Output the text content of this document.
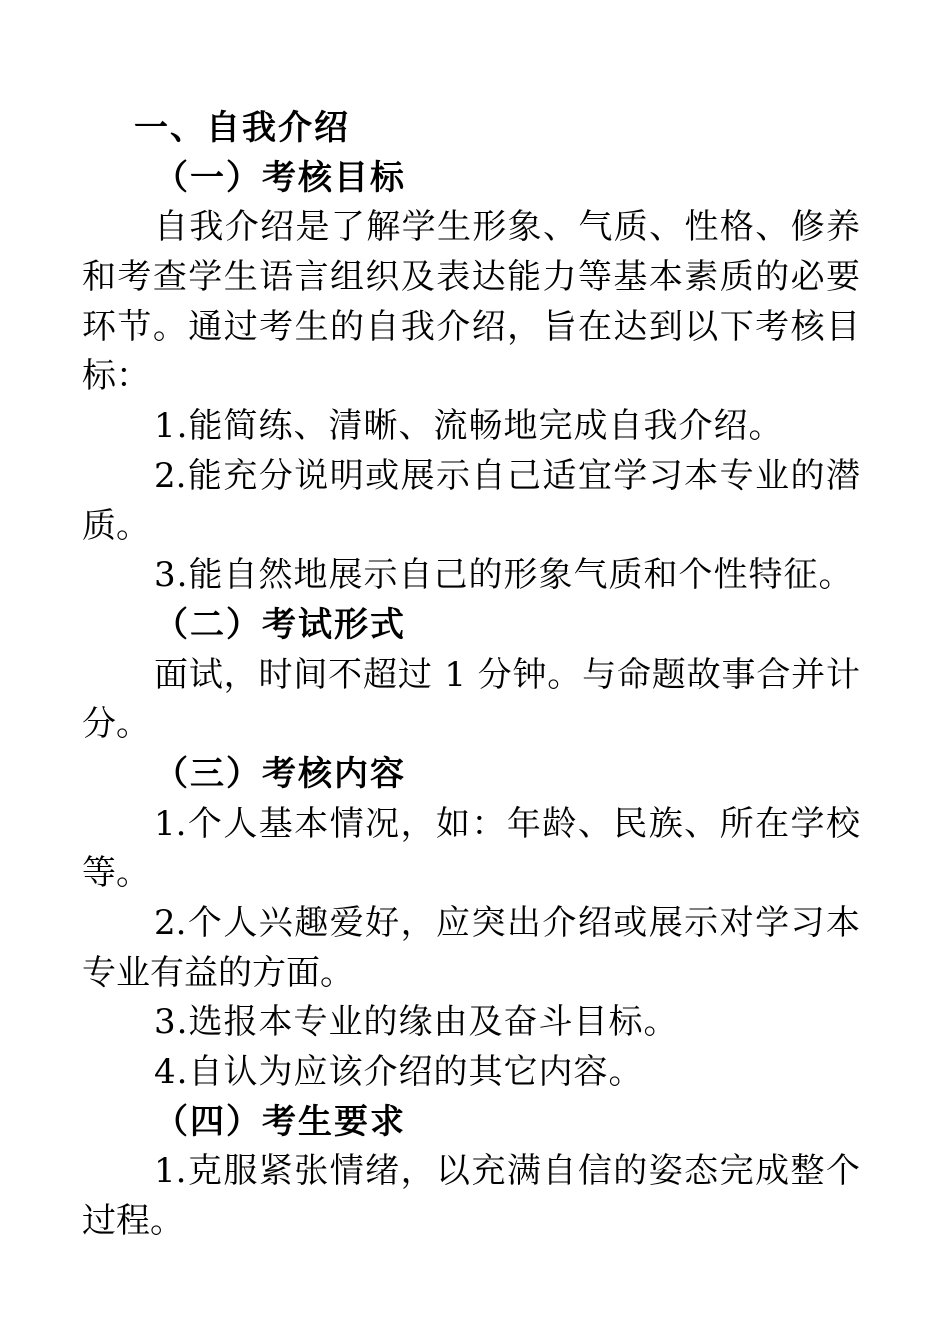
一、自我介绍
（一）考核目标
自我介绍是了解学生形象、气质、性格、修养
和考查学生语言组织及表达能力等基本素质的必要
环节。通过考生的自我介绍，旨在达到以下考核目
标：
1.能简练、清晰、流畅地完成自我介绍。
2.能充分说明或展示自己适宜学习本专业的潜
质。
3.能自然地展示自己的形象气质和个性特征。
（二）考试形式
面试，时间不超过 1 分钟。与命题故事合并计
分。
（三）考核内容
1.个人基本情况，如：年龄、民族、所在学校
等。
2.个人兴趣爱好，应突出介绍或展示对学习本
专业有益的方面。
3.选报本专业的缘由及奋斗目标。
4.自认为应该介绍的其它内容。
（四）考生要求
1.克服紧张情绪，以充满自信的姿态完成整个
过程。
